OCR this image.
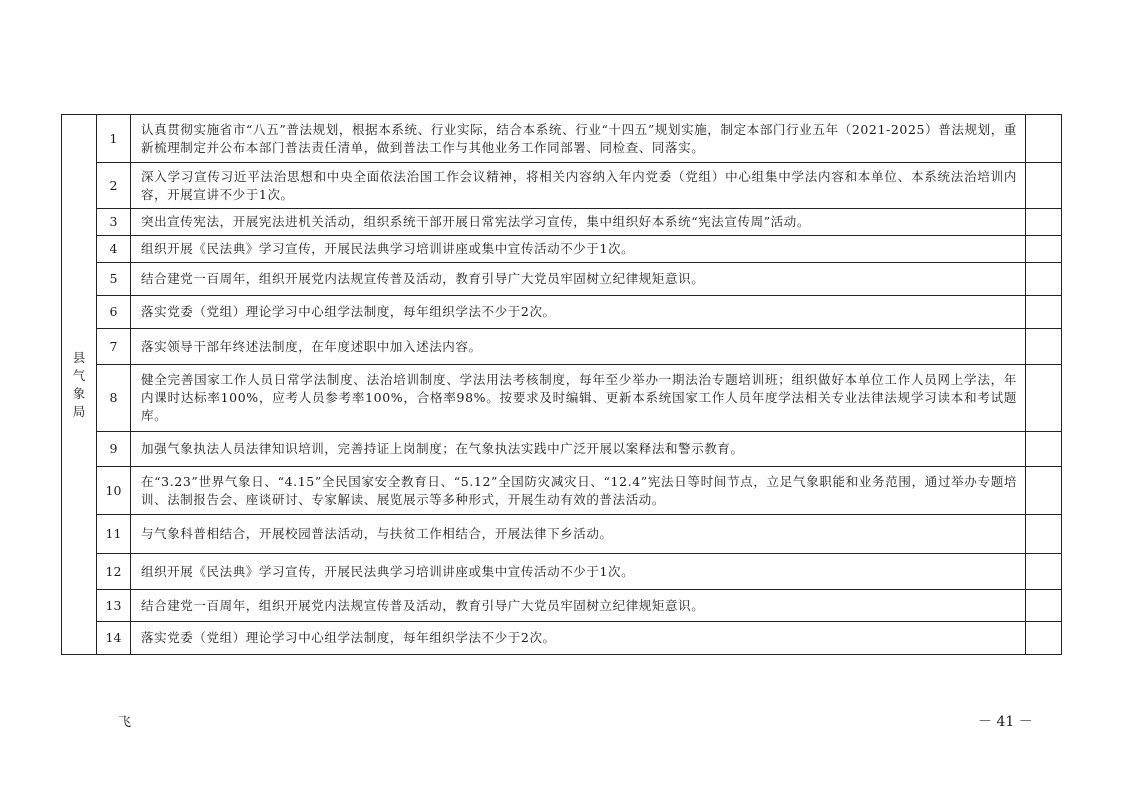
县气象局	1	认真贯彻实施省市“八五”普法规划，根据本系统、行业实际，结合本系统、行业“十四五”规划实施，制定本部门行业五年（2021-2025）普法规划，重新梳理制定并公布本部门普法责任清单，做到普法工作与其他业务工作同部署、同检查、同落实。	
	2	深入学习宣传习近平法治思想和中央全面依法治国工作会议精神，将相关内容纳入年内党委（党组）中心组集中学法内容和本单位、本系统法治培训内容，开展宣讲不少于1次。	
	3	突出宣传宪法，开展宪法进机关活动，组织系统干部开展日常宪法学习宣传，集中组织好本系统“宪法宣传周”活动。	
	4	组织开展《民法典》学习宣传，开展民法典学习培训讲座或集中宣传活动不少于1次。	
	5	结合建党一百周年，组织开展党内法规宣传普及活动，教育引导广大党员牢固树立纪律规矩意识。	
	6	落实党委（党组）理论学习中心组学法制度，每年组织学法不少于2次。	
	7	落实领导干部年终述法制度，在年度述职中加入述法内容。	
	8	健全完善国家工作人员日常学法制度、法治培训制度、学法用法考核制度，每年至少举办一期法治专题培训班；组织做好本单位工作人员网上学法，年内课时达标率100%，应考人员参考率100%，合格率98%。按要求及时编辑、更新本系统国家工作人员年度学法相关专业法律法规学习读本和考试题库。	
	9	加强气象执法人员法律知识培训，完善持证上岗制度；在气象执法实践中广泛开展以案释法和警示教育。	
	10	在“3.23”世界气象日、“4.15”全民国家安全教育日、“5.12”全国防灾减灾日、“12.4”宪法日等时间节点，立足气象职能和业务范围，通过举办专题培训、法制报告会、座谈研讨、专家解读、展览展示等多种形式，开展生动有效的普法活动。	
	11	与气象科普相结合，开展校园普法活动，与扶贫工作相结合，开展法律下乡活动。	
	12	组织开展《民法典》学习宣传，开展民法典学习培训讲座或集中宣传活动不少于1次。	
	13	结合建党一百周年，组织开展党内法规宣传普及活动，教育引导广大党员牢固树立纪律规矩意识。	
	14	落实党委（党组）理论学习中心组学法制度，每年组织学法不少于2次。	
飞	－ 41 －
